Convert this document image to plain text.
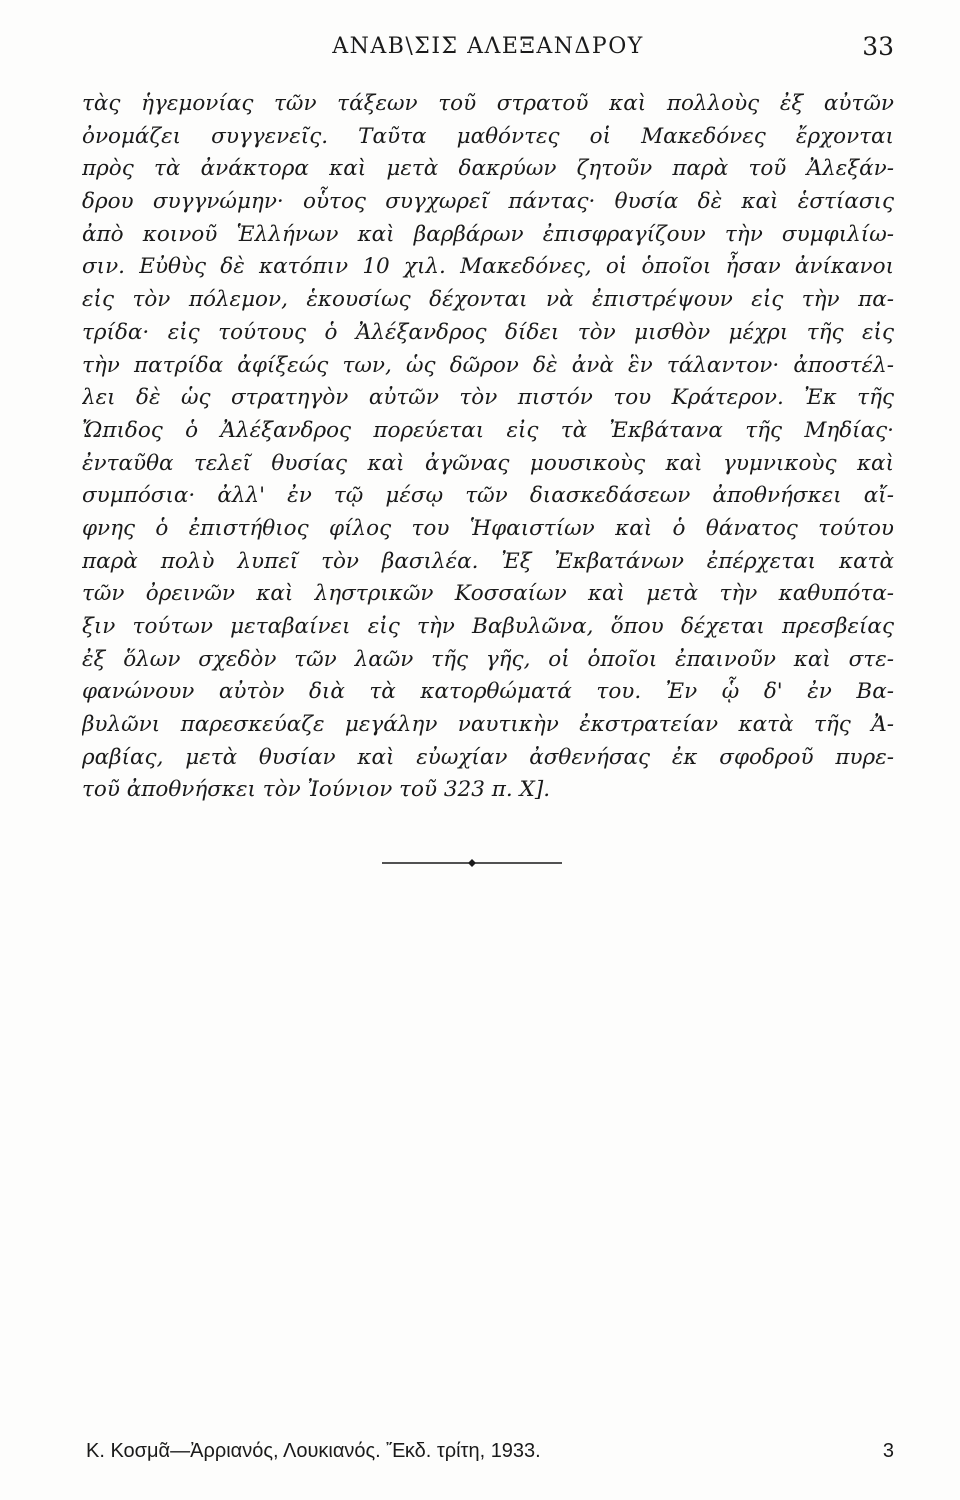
ΑΝΑΒ\ΣΙΣ ΑΛΕΞΑΝΔΡΟΥ	33
τὰς ἡγεμονίας τῶν τάξεων τοῦ στρατοῦ καὶ πολλοὺς ἐξ αὐτῶν
ὀνομάζει συγγενεῖς. Ταῦτα μαθόντες οἱ Μακεδόνες ἔρχονται
πρὸς τὰ ἀνάκτορα καὶ μετὰ δακρύων ζητοῦν παρὰ τοῦ Ἀλεξάν-
δρου συγγνώμην· οὗτος συγχωρεῖ πάντας· θυσία δὲ καὶ ἑστίασις
ἀπὸ κοινοῦ Ἑλλήνων καὶ βαρβάρων ἐπισφραγίζουν τὴν συμφιλίω-
σιν. Εὐθὺς δὲ κατόπιν 10 χιλ. Μακεδόνες, οἱ ὁποῖοι ἦσαν ἀνίκανοι
εἰς τὸν πόλεμον, ἑκουσίως δέχονται νὰ ἐπιστρέψουν εἰς τὴν πα-
τρίδα· εἰς τούτους ὁ Ἀλέξανδρος δίδει τὸν μισθὸν μέχρι τῆς εἰς
τὴν πατρίδα ἀφίξεώς των, ὡς δῶρον δὲ ἀνὰ ἓν τάλαντον· ἀποστέλ-
λει δὲ ὡς στρατηγὸν αὐτῶν τὸν πιστόν του Κράτερον. Ἐκ τῆς
Ὤπιδος ὁ Ἀλέξανδρος πορεύεται εἰς τὰ Ἐκβάτανα τῆς Μηδίας·
ἐνταῦθα τελεῖ θυσίας καὶ ἀγῶνας μουσικοὺς καὶ γυμνικοὺς καὶ
συμπόσια· ἀλλ' ἐν τῷ μέσῳ τῶν διασκεδάσεων ἀποθνήσκει αἴ-
φνης ὁ ἐπιστήθιος φίλος του Ἡφαιστίων καὶ ὁ θάνατος τούτου
παρὰ πολὺ λυπεῖ τὸν βασιλέα. Ἐξ Ἐκβατάνων ἐπέρχεται κατὰ
τῶν ὀρεινῶν καὶ ληστρικῶν Κοσσαίων καὶ μετὰ τὴν καθυπότα-
ξιν τούτων μεταβαίνει εἰς τὴν Βαβυλῶνα, ὅπου δέχεται πρεσβείας
ἐξ ὅλων σχεδὸν τῶν λαῶν τῆς γῆς, οἱ ὁποῖοι ἐπαινοῦν καὶ στε-
φανώνουν αὐτὸν διὰ τὰ κατορθώματά του. Ἐν ᾧ δ' ἐν Βα-
βυλῶνι παρεσκεύαζε μεγάλην ναυτικὴν ἐκστρατείαν κατὰ τῆς Ἀ-
ραβίας, μετὰ θυσίαν καὶ εὐωχίαν ἀσθενήσας ἐκ σφοδροῦ πυρε-
τοῦ ἀποθνήσκει τὸν Ἰούνιον τοῦ 323 π. Χ].
Κ. Κοσμᾶ—Ἀρριανός, Λουκιανός. Ἔκδ. τρίτη, 1933.	3
